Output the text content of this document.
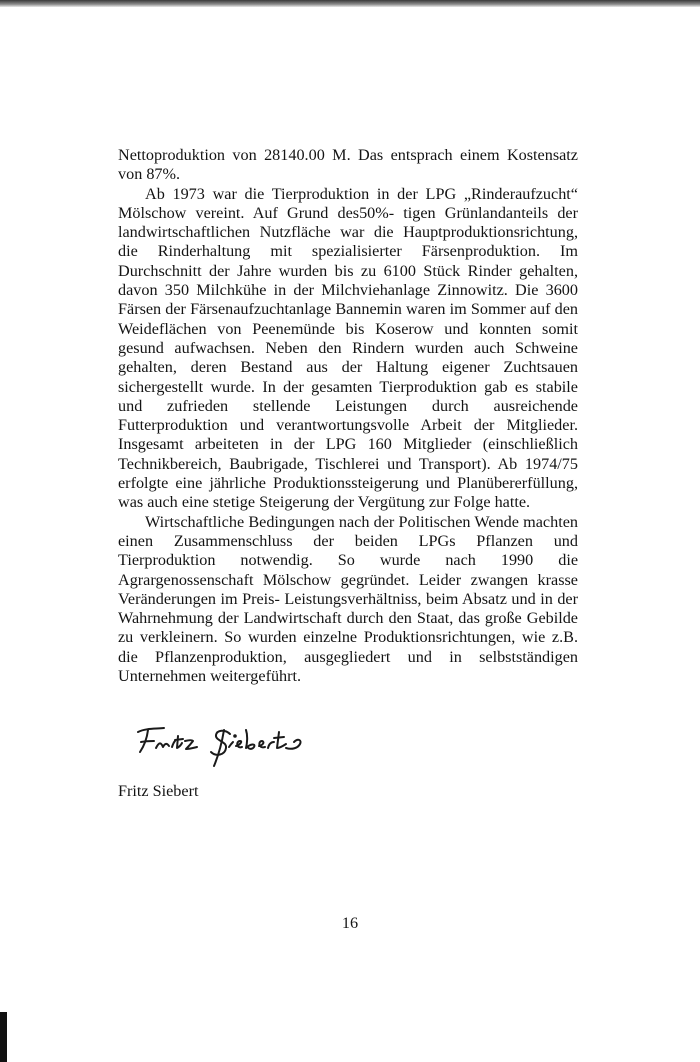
Nettoproduktion von 28140.00 M. Das entsprach einem Kostensatz von 87%.

Ab 1973 war die Tierproduktion in der LPG „Rinderaufzucht“ Mölschow vereint. Auf Grund des50%- tigen Grünlandanteils der landwirtschaftlichen Nutzfläche war die Hauptproduktionsrichtung, die Rinderhaltung mit spezialisierter Färsenproduktion. Im Durchschnitt der Jahre wurden bis zu 6100 Stück Rinder gehalten, davon 350 Milchkühe in der Milchviehanlage Zinnowitz. Die 3600 Färsen der Färsenaufzuchtanlage Bannemin waren im Sommer auf den Weideflächen von Peenemünde bis Koserow und konnten somit gesund aufwachsen. Neben den Rindern wurden auch Schweine gehalten, deren Bestand aus der Haltung eigener Zuchtsauen sichergestellt wurde. In der gesamten Tierproduktion gab es stabile und zufrieden stellende Leistungen durch ausreichende Futterproduktion und verantwortungsvolle Arbeit der Mitglieder. Insgesamt arbeiteten in der LPG 160 Mitglieder (einschließlich Technikbereich, Baubrigade, Tischlerei und Transport). Ab 1974/75 erfolgte eine jährliche Produktionssteigerung und Planübererfüllung, was auch eine stetige Steigerung der Vergütung zur Folge hatte.

Wirtschaftliche Bedingungen nach der Politischen Wende machten einen Zusammenschluss der beiden LPGs Pflanzen und Tierproduktion notwendig. So wurde nach 1990 die Agrargenossenschaft Mölschow gegründet. Leider zwangen krasse Veränderungen im Preis- Leistungsverhältniss, beim Absatz und in der Wahrnehmung der Landwirtschaft durch den Staat, das große Gebilde zu verkleinern. So wurden einzelne Produktionsrichtungen, wie z.B. die Pflanzenproduktion, ausgegliedert und in selbstständigen Unternehmen weitergeführt.

Fritz Siebert
16
